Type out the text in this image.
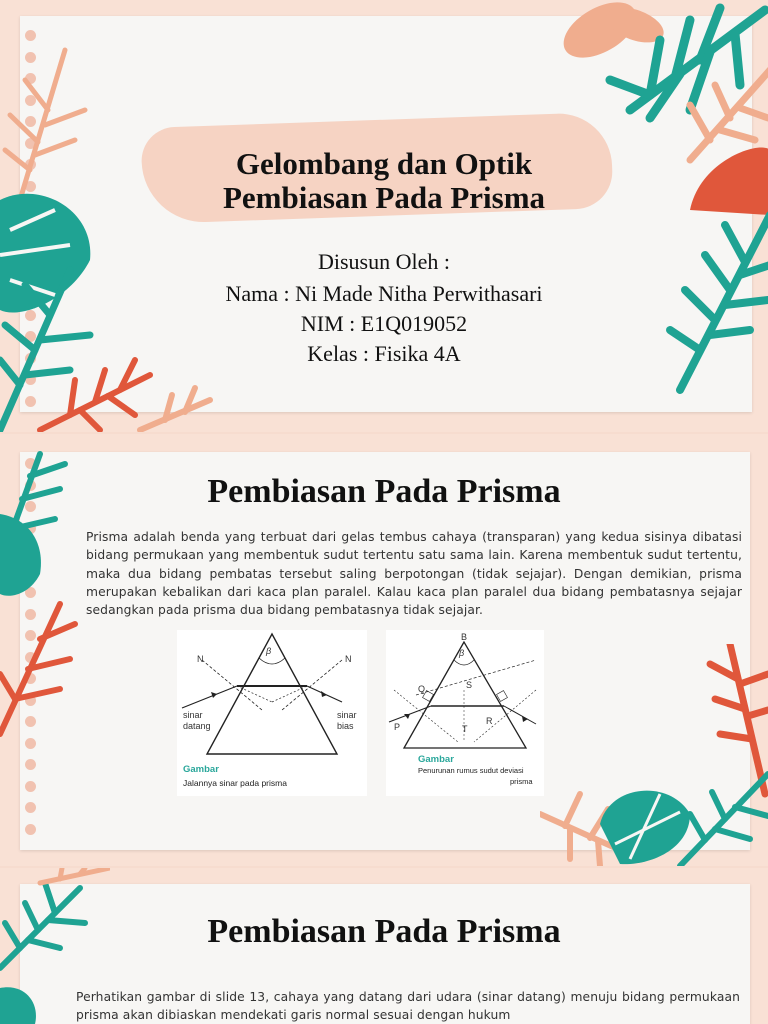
Gelombang dan Optik
Pembiasan Pada Prisma
Disusun Oleh :
Nama : Ni Made Nitha Perwithasari
NIM : E1Q019052
Kelas : Fisika 4A
Pembiasan Pada Prisma
Prisma adalah benda yang terbuat dari gelas tembus cahaya (transparan) yang kedua sisinya dibatasi bidang permukaan yang membentuk sudut tertentu satu sama lain. Karena membentuk sudut tertentu, maka dua bidang pembatas tersebut saling berpotongan (tidak sejajar). Dengan demikian, prisma merupakan kebalikan dari kaca plan paralel. Kalau kaca plan paralel dua bidang pembatasnya sejajar sedangkan pada prisma dua bidang pembatasnya tidak sejajar.
N	N
β
sinar
datang
sinar
bias
Gambar
Jalannya sinar pada prisma
B
β
Q	S
P	T
R
Gambar
Penurunan rumus sudut deviasi
prisma
Pembiasan Pada Prisma
Perhatikan gambar di slide 13, cahaya yang datang dari udara (sinar datang) menuju bidang permukaan prisma akan dibiaskan mendekati garis normal sesuai dengan hukum
